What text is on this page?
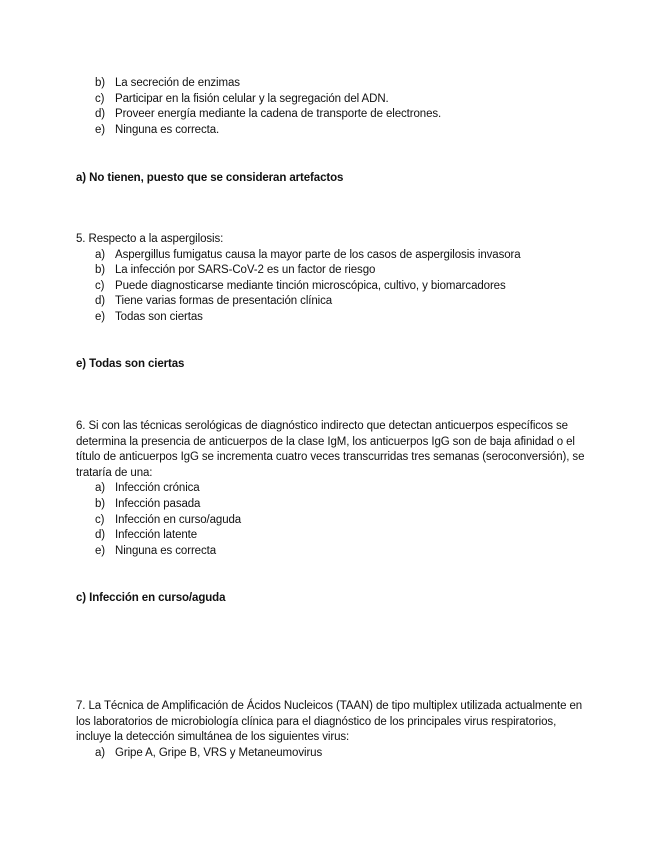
b) La secreción de enzimas
c) Participar en la fisión celular y la segregación del ADN.
d) Proveer energía mediante la cadena de transporte de electrones.
e) Ninguna es correcta.
a) No tienen, puesto que se consideran artefactos
5. Respecto a la aspergilosis:
a) Aspergillus fumigatus causa la mayor parte de los casos de aspergilosis invasora
b) La infección por SARS-CoV-2 es un factor de riesgo
c) Puede diagnosticarse mediante tinción microscópica, cultivo, y biomarcadores
d) Tiene varias formas de presentación clínica
e) Todas son ciertas
e) Todas son ciertas
6. Si con las técnicas serológicas de diagnóstico indirecto que detectan anticuerpos específicos se determina la presencia de anticuerpos de la clase IgM, los anticuerpos IgG son de baja afinidad o el título de anticuerpos IgG se incrementa cuatro veces transcurridas tres semanas (seroconversión), se trataría de una:
a) Infección crónica
b) Infección pasada
c) Infección en curso/aguda
d) Infección latente
e) Ninguna es correcta
c) Infección en curso/aguda
7. La Técnica de Amplificación de Ácidos Nucleicos (TAAN) de tipo multiplex utilizada actualmente en los laboratorios de microbiología clínica para el diagnóstico de los principales virus respiratorios, incluye la detección simultánea de los siguientes virus:
a) Gripe A, Gripe B, VRS y Metaneumovirus
